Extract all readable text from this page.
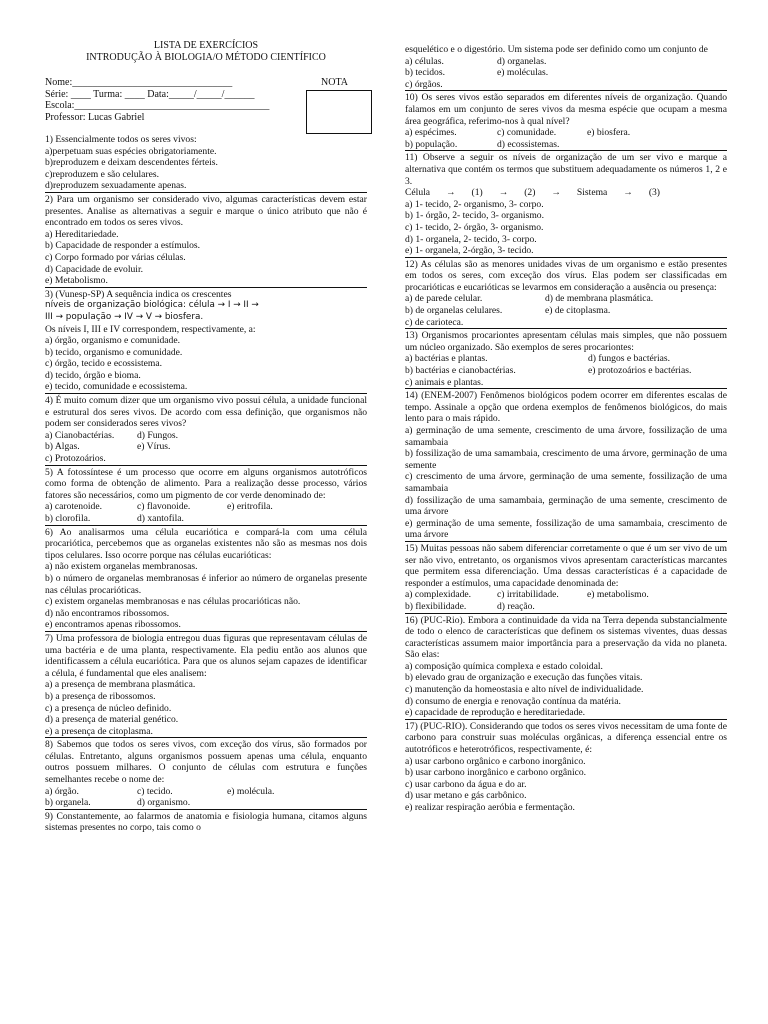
LISTA DE EXERCÍCIOS
INTRODUÇÃO À BIOLOGIA/O MÉTODO CIENTÍFICO
Nome:________________________________
Série: ____ Turma: ____ Data:_____/_____/______
Escola:_______________________________________
Professor: Lucas Gabriel
NOTA
1) Essencialmente todos os seres vivos:
a)perpetuam suas espécies obrigatoriamente.
b)reproduzem e deixam descendentes férteis.
c)reproduzem e são celulares.
d)reproduzem sexuadamente apenas.
2) Para um organismo ser considerado vivo, algumas características devem estar presentes. Analise as alternativas a seguir e marque o único atributo que não é encontrado em todos os seres vivos.
a) Hereditariedade.
b) Capacidade de responder a estímulos.
c) Corpo formado por várias células.
d) Capacidade de evoluir.
e) Metabolismo.
3) (Vunesp-SP) A sequência indica os crescentes
níveis de organização biológica: célula → I → II →
III → população → IV → V → biosfera.
Os níveis I, III e IV correspondem, respectivamente, a:
a) órgão, organismo e comunidade.
b) tecido, organismo e comunidade.
c) órgão, tecido e ecossistema.
d) tecido, órgão e bioma.
e) tecido, comunidade e ecossistema.
4) É muito comum dizer que um organismo vivo possui célula, a unidade funcional e estrutural dos seres vivos. De acordo com essa definição, que organismos não podem ser considerados seres vivos?
a) Cianobactérias.	d) Fungos.
b) Algas.	e) Vírus.
c) Protozoários.
5) A fotossíntese é um processo que ocorre em alguns organismos autotróficos como forma de obtenção de alimento. Para a realização desse processo, vários fatores são necessários, como um pigmento de cor verde denominado de:
a) carotenoide.	c) flavonoide.	e) eritrofila.
b) clorofila.	d) xantofila.
6) Ao analisarmos uma célula eucariótica e compará-la com uma célula procariótica, percebemos que as organelas existentes não são as mesmas nos dois tipos celulares. Isso ocorre porque nas células eucarióticas:
a) não existem organelas membranosas.
b) o número de organelas membranosas é inferior ao número de organelas presente nas células procarióticas.
c) existem organelas membranosas e nas células procarióticas não.
d) não encontramos ribossomos.
e) encontramos apenas ribossomos.
7) Uma professora de biologia entregou duas figuras que representavam células de uma bactéria e de uma planta, respectivamente. Ela pediu então aos alunos que identificassem a célula eucariótica. Para que os alunos sejam capazes de identificar a célula, é fundamental que eles analisem:
a) a presença de membrana plasmática.
b) a presença de ribossomos.
c) a presença de núcleo definido.
d) a presença de material genético.
e) a presença de citoplasma.
8) Sabemos que todos os seres vivos, com exceção dos vírus, são formados por células. Entretanto, alguns organismos possuem apenas uma célula, enquanto outros possuem milhares. O conjunto de células com estrutura e funções semelhantes recebe o nome de:
a) órgão.	c) tecido.	e) molécula.
b) organela.	d) organismo.
9) Constantemente, ao falarmos de anatomia e fisiologia humana, citamos alguns sistemas presentes no corpo, tais como o
esquelético e o digestório. Um sistema pode ser definido como um conjunto de
a) células.	d) organelas.
b) tecidos.	e) moléculas.
c) órgãos.
10) Os seres vivos estão separados em diferentes níveis de organização. Quando falamos em um conjunto de seres vivos da mesma espécie que ocupam a mesma área geográfica, referimo-nos à qual nível?
a) espécimes.	c) comunidade.	e) biosfera.
b) população.	d) ecossistemas.
11) Observe a seguir os níveis de organização de um ser vivo e marque a alternativa que contém os termos que substituem adequadamente os números 1, 2 e 3.
Célula → (1) → (2) → Sistema → (3)
a) 1- tecido, 2- organismo, 3- corpo.
b) 1- órgão, 2- tecido, 3- organismo.
c) 1- tecido, 2- órgão, 3- organismo.
d) 1- organela, 2- tecido, 3- corpo.
e) 1- organela, 2-órgão, 3- tecido.
12) As células são as menores unidades vivas de um organismo e estão presentes em todos os seres, com exceção dos vírus. Elas podem ser classificadas em procarióticas e eucarióticas se levarmos em consideração a ausência ou presença:
a) de parede celular.	d) de membrana plasmática.
b) de organelas celulares.	e) de citoplasma.
c) de carioteca.
13) Organismos procariontes apresentam células mais simples, que não possuem um núcleo organizado. São exemplos de seres procariontes:
a) bactérias e plantas.	d) fungos e bactérias.
b) bactérias e cianobactérias.	e) protozoários e bactérias.
c) animais e plantas.
14) (ENEM-2007) Fenômenos biológicos podem ocorrer em diferentes escalas de tempo. Assinale a opção que ordena exemplos de fenômenos biológicos, do mais lento para o mais rápido.
a) germinação de uma semente, crescimento de uma árvore, fossilização de uma samambaia
b) fossilização de uma samambaia, crescimento de uma árvore, germinação de uma semente
c) crescimento de uma árvore, germinação de uma semente, fossilização de uma samambaia
d) fossilização de uma samambaia, germinação de uma semente, crescimento de uma árvore
e) germinação de uma semente, fossilização de uma samambaia, crescimento de uma árvore
15) Muitas pessoas não sabem diferenciar corretamente o que é um ser vivo de um ser não vivo, entretanto, os organismos vivos apresentam características marcantes que permitem essa diferenciação. Uma dessas características é a capacidade de responder a estímulos, uma capacidade denominada de:
a) complexidade.	c) irritabilidade.	e) metabolismo.
b) flexibilidade.	d) reação.
16) (PUC-Rio). Embora a continuidade da vida na Terra dependa substancialmente de todo o elenco de características que definem os sistemas viventes, duas dessas características assumem maior importância para a preservação da vida no planeta. São elas:
a) composição química complexa e estado coloidal.
b) elevado grau de organização e execução das funções vitais.
c) manutenção da homeostasia e alto nível de individualidade.
d) consumo de energia e renovação contínua da matéria.
e) capacidade de reprodução e hereditariedade.
17) (PUC-RIO). Considerando que todos os seres vivos necessitam de uma fonte de carbono para construir suas moléculas orgânicas, a diferença essencial entre os autotróficos e heterotróficos, respectivamente, é:
a) usar carbono orgânico e carbono inorgânico.
b) usar carbono inorgânico e carbono orgânico.
c) usar carbono da água e do ar.
d) usar metano e gás carbônico.
e) realizar respiração aeróbia e fermentação.
